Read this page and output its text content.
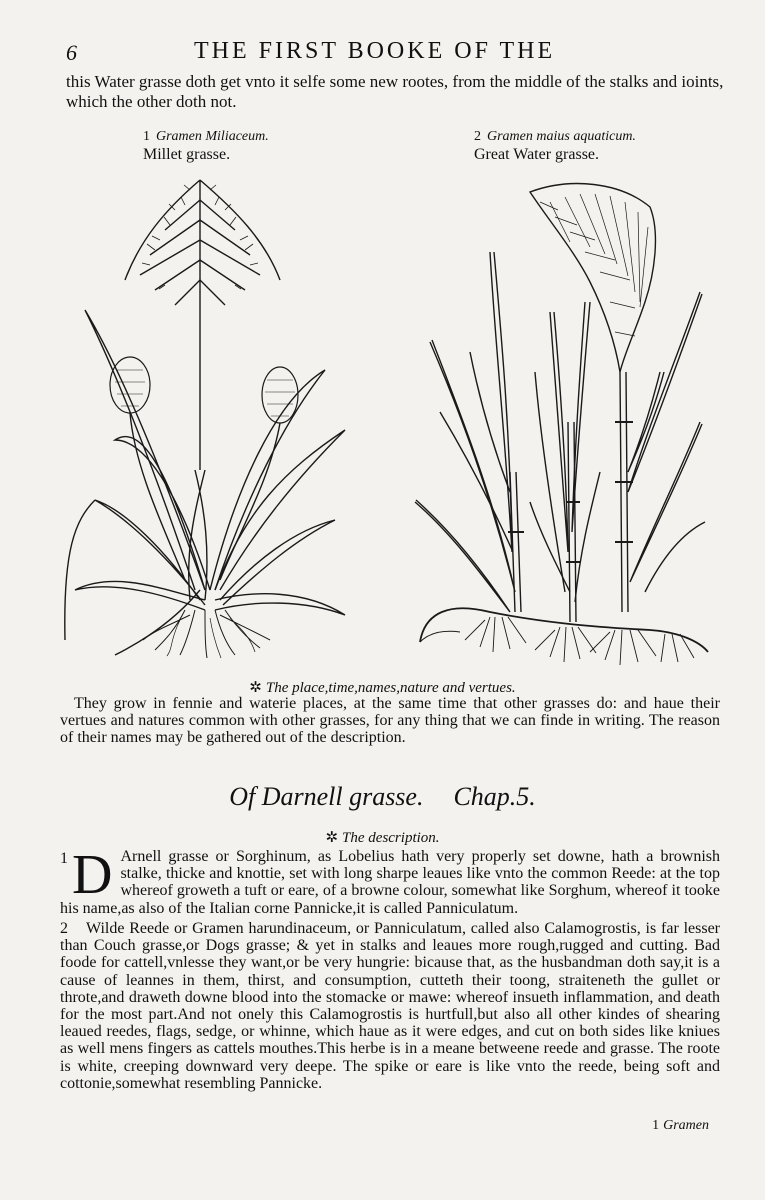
6	THE FIRST BOOKE OF THE
this Water grasse doth get vnto it selfe some new rootes, from the middle of the stalks and ioints, which the other doth not.
1 Gramen Miliaceum.
Millet grasse.
2 Gramen maius aquaticum.
Great Water grasse.
✲ The place,time,names,nature and vertues.
They grow in fennie and waterie places, at the same time that other grasses do: and haue their vertues and natures common with other grasses, for any thing that we can finde in writing. The reason of their names may be gathered out of the description.
Of Darnell grasse. Chap.5.
✲ The description.
1 D Arnell grasse or Sorghinum, as Lobelius hath very properly set downe, hath a brownish stalke, thicke and knottie, set with long sharpe leaues like vnto the common Reede: at the top whereof groweth a tuft or eare, of a browne colour, somewhat like Sorghum, whereof it tooke his name,as also of the Italian corne Pannicke,it is called Panniculatum.
2	Wilde Reede or Gramen harundinaceum, or Panniculatum, called also Calamogrostis, is far lesser than Couch grasse,or Dogs grasse; & yet in stalks and leaues more rough,rugged and cutting. Bad foode for cattell,vnlesse they want,or be very hungrie: bicause that, as the husbandman doth say,it is a cause of leannes in them, thirst, and consumption, cutteth their toong, straiteneth the gullet or throte,and draweth downe blood into the stomacke or mawe: whereof insueth inflammation, and death for the most part.And not onely this Calamogrostis is hurtfull,but also all other kindes of shearing leaued reedes, flags, sedge, or whinne, which haue as it were edges, and cut on both sides like kniues as well mens fingers as cattels mouthes.This herbe is in a meane betweene reede and grasse. The roote is white, creeping downward very deepe. The spike or eare is like vnto the reede, being soft and cottonie,somewhat resembling Pannicke.
1 Gramen
